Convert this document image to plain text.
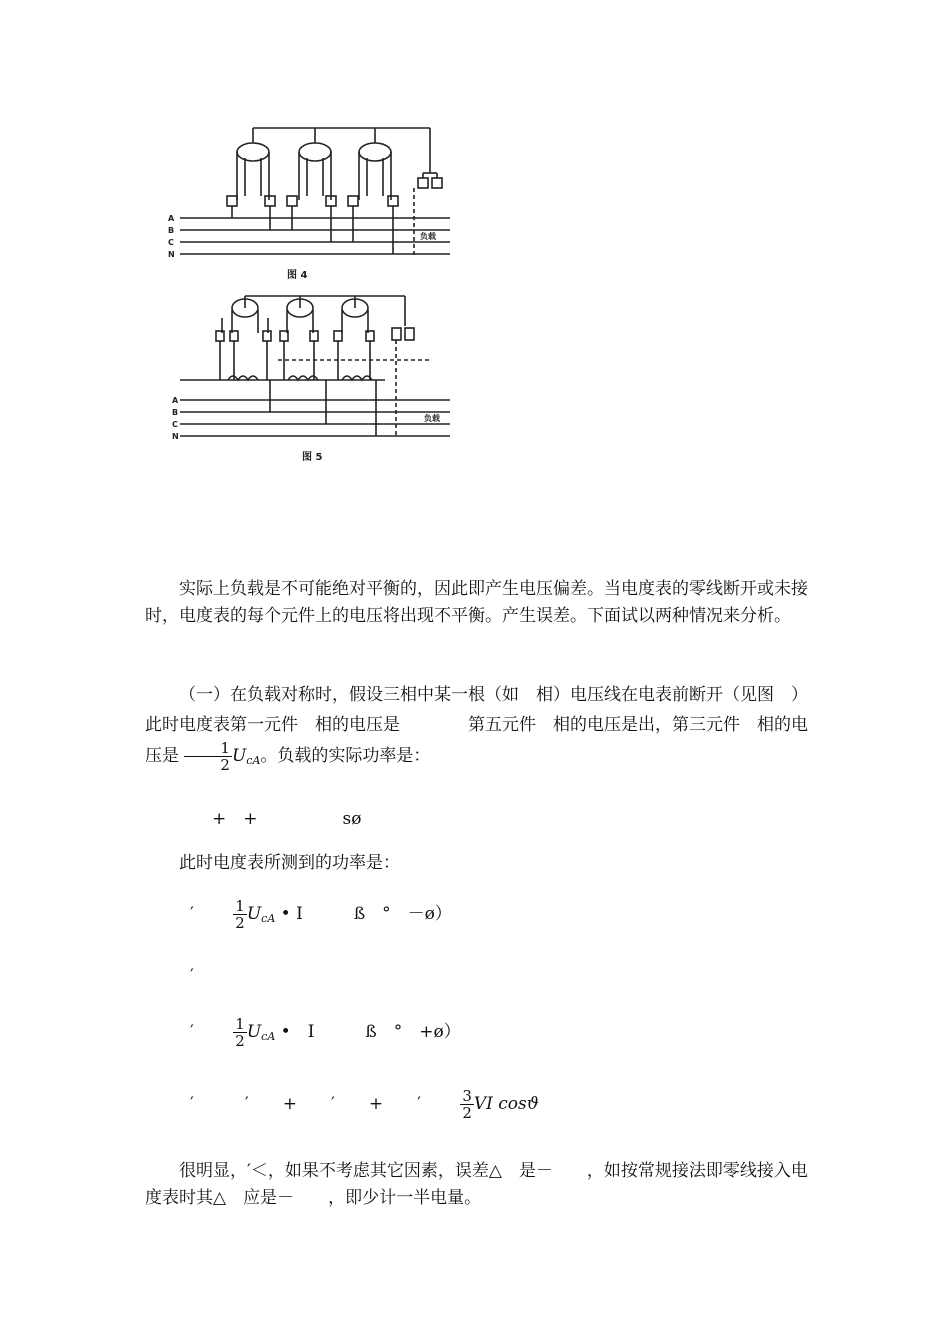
A
B
C
N
负载
图 4
A
B
C
N
负载
图 5

实际上负载是不可能绝对平衡的，因此即产生电压偏差。当电度表的零线断开或未接时，电度表的每个元件上的电压将出现不平衡。产生误差。下面试以两种情况来分析。

（一）在负载对称时，假设三相中某一根（如　相）电压线在电表前断开（见图　）此时电度表第一元件　相的电压是　　　　第五元件　相的电压是出，第三元件　相的电压是 $\frac{1}{2} U_{cA}$。负载的实际功率是：

+　+　　　　　sø

此时电度表所测到的功率是：

′　　	$\frac{1}{2} U_{cA}$ • I　　　ß　°　－ø）
′
′　　	$\frac{1}{2} U_{cA}$ •　I　　　ß　°　+ø）
′　　　′　　+　　′　　+　　′　　	$\frac{3}{2}$ VI cosϑ

很明显，′＜，如果不考虑其它因素，误差△　是－　　，如按常规接法即零线接入电度表时其△　应是－　　，即少计一半电量。
